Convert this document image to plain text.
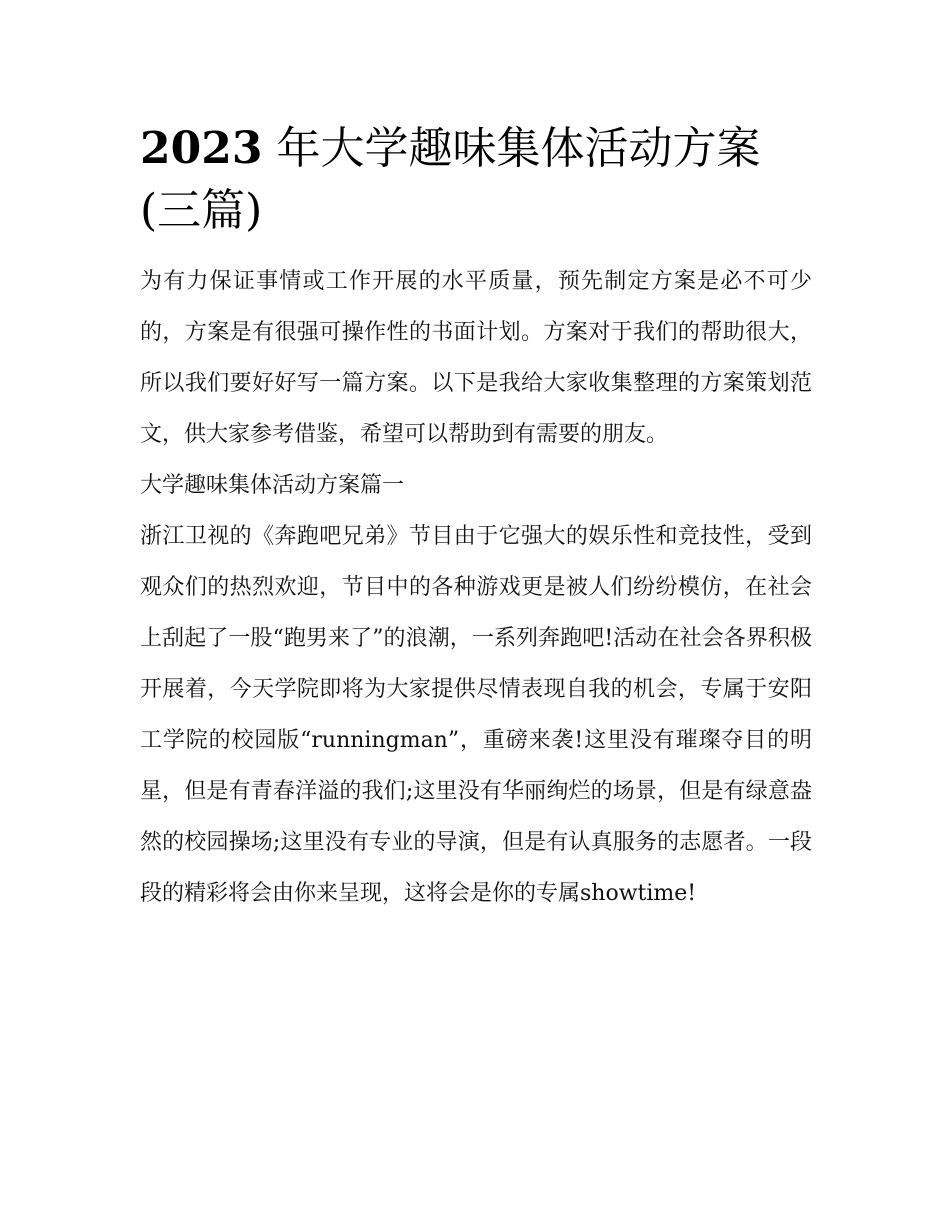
2023 年大学趣味集体活动方案(三篇)

为有力保证事情或工作开展的水平质量，预先制定方案是必不可少的，方案是有很强可操作性的书面计划。方案对于我们的帮助很大，所以我们要好好写一篇方案。以下是我给大家收集整理的方案策划范文，供大家参考借鉴，希望可以帮助到有需要的朋友。

大学趣味集体活动方案篇一

浙江卫视的《奔跑吧兄弟》节目由于它强大的娱乐性和竞技性，受到观众们的热烈欢迎，节目中的各种游戏更是被人们纷纷模仿，在社会上刮起了一股“跑男来了”的浪潮，一系列奔跑吧!活动在社会各界积极开展着，今天学院即将为大家提供尽情表现自我的机会，专属于安阳工学院的校园版“runningman”，重磅来袭!这里没有璀璨夺目的明星，但是有青春洋溢的我们;这里没有华丽绚烂的场景，但是有绿意盎然的校园操场;这里没有专业的导演，但是有认真服务的志愿者。一段段的精彩将会由你来呈现，这将会是你的专属showtime!
